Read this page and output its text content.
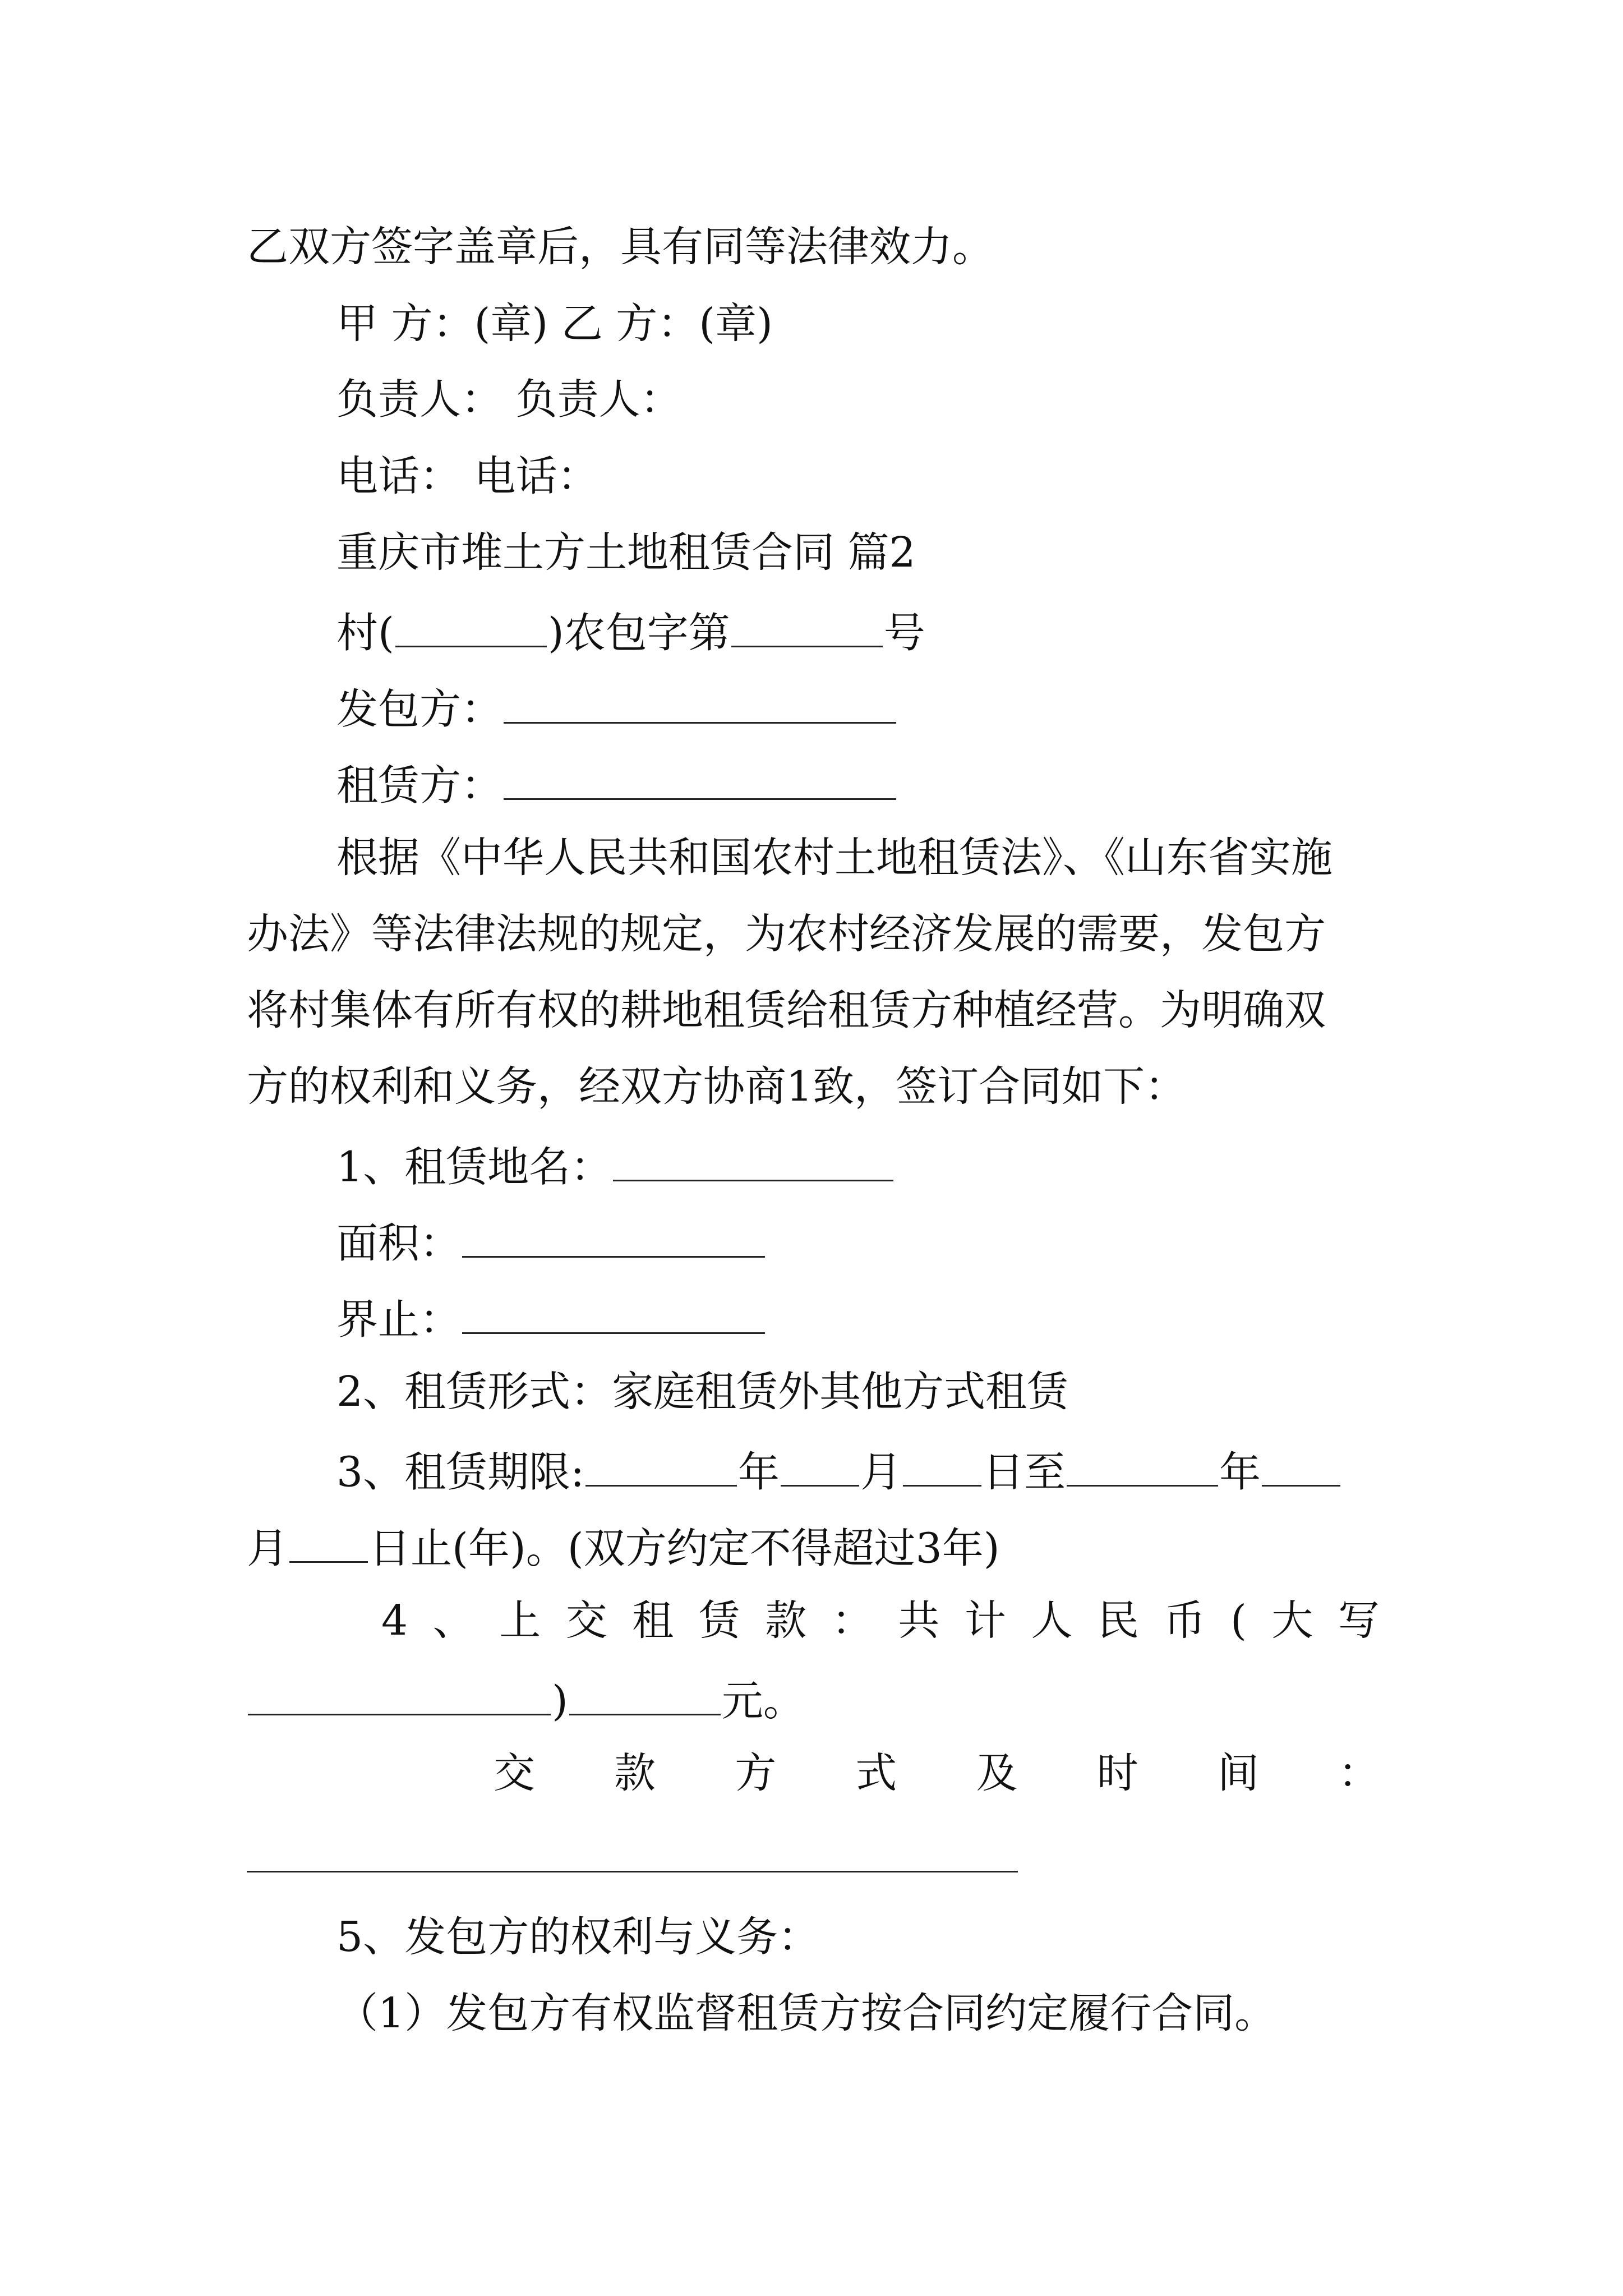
乙双方签字盖章后，具有同等法律效力。
甲 方：(章) 乙 方：(章)
负责人： 负责人：
电话： 电话：
重庆市堆土方土地租赁合同 篇2
村(	)农包字第	号
发包方：
租赁方：
根据《中华人民共和国农村土地租赁法》、《山东省实施
办法》等法律法规的规定，为农村经济发展的需要，发包方
将村集体有所有权的耕地租赁给租赁方种植经营。为明确双
方的权利和义务，经双方协商1致，签订合同如下：
1、租赁地名：
面积：
界止：
2、租赁形式：家庭租赁外其他方式租赁
3、租赁期限:	年 月 日至	年
月 日止(年)。(双方约定不得超过3年)
4 、 上 交 租 赁 款 ： 共 计 人 民 币 ( 大 写
)	元。
交 款 方 式 及 时 间 ：
5、发包方的权利与义务：
（1）发包方有权监督租赁方按合同约定履行合同。
